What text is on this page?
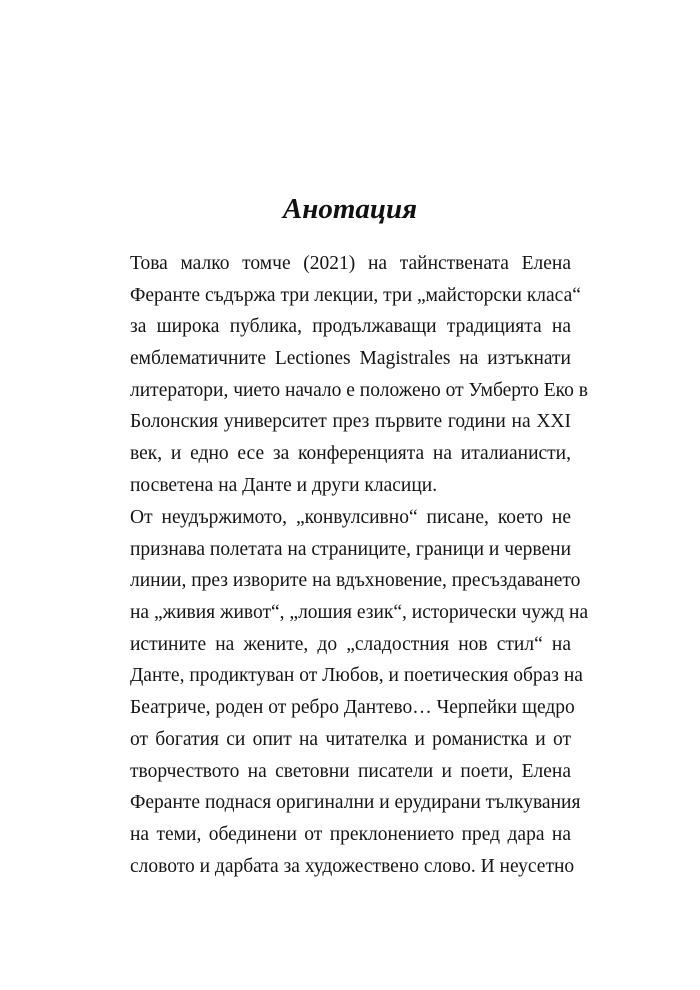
Анотация
Това малко томче (2021) на тайнствената Елена
Феранте съдържа три лекции, три „майсторски класа“
за широка публика, продължаващи традицията на
емблематичните Lectiones Magistrales на изтъкнати
литератори, чието начало е положено от Умберто Еко в
Болонския университет през първите години на XXI
век, и едно есе за конференцията на италианисти,
посветена на Данте и други класици.
От неудържимото, „конвулсивно“ писане, което не
признава полетата на страниците, граници и червени
линии, през изворите на вдъхновение, пресъздаването
на „живия живот“, „лошия език“, исторически чужд на
истините на жените, до „сладостния нов стил“ на
Данте, продиктуван от Любов, и поетическия образ на
Беатриче, роден от ребро Дантево… Черпейки щедро
от богатия си опит на читателка и романистка и от
творчеството на световни писатели и поети, Елена
Феранте поднася оригинални и ерудирани тълкувания
на теми, обединени от преклонението пред дара на
словото и дарбата за художествено слово. И неусетно
